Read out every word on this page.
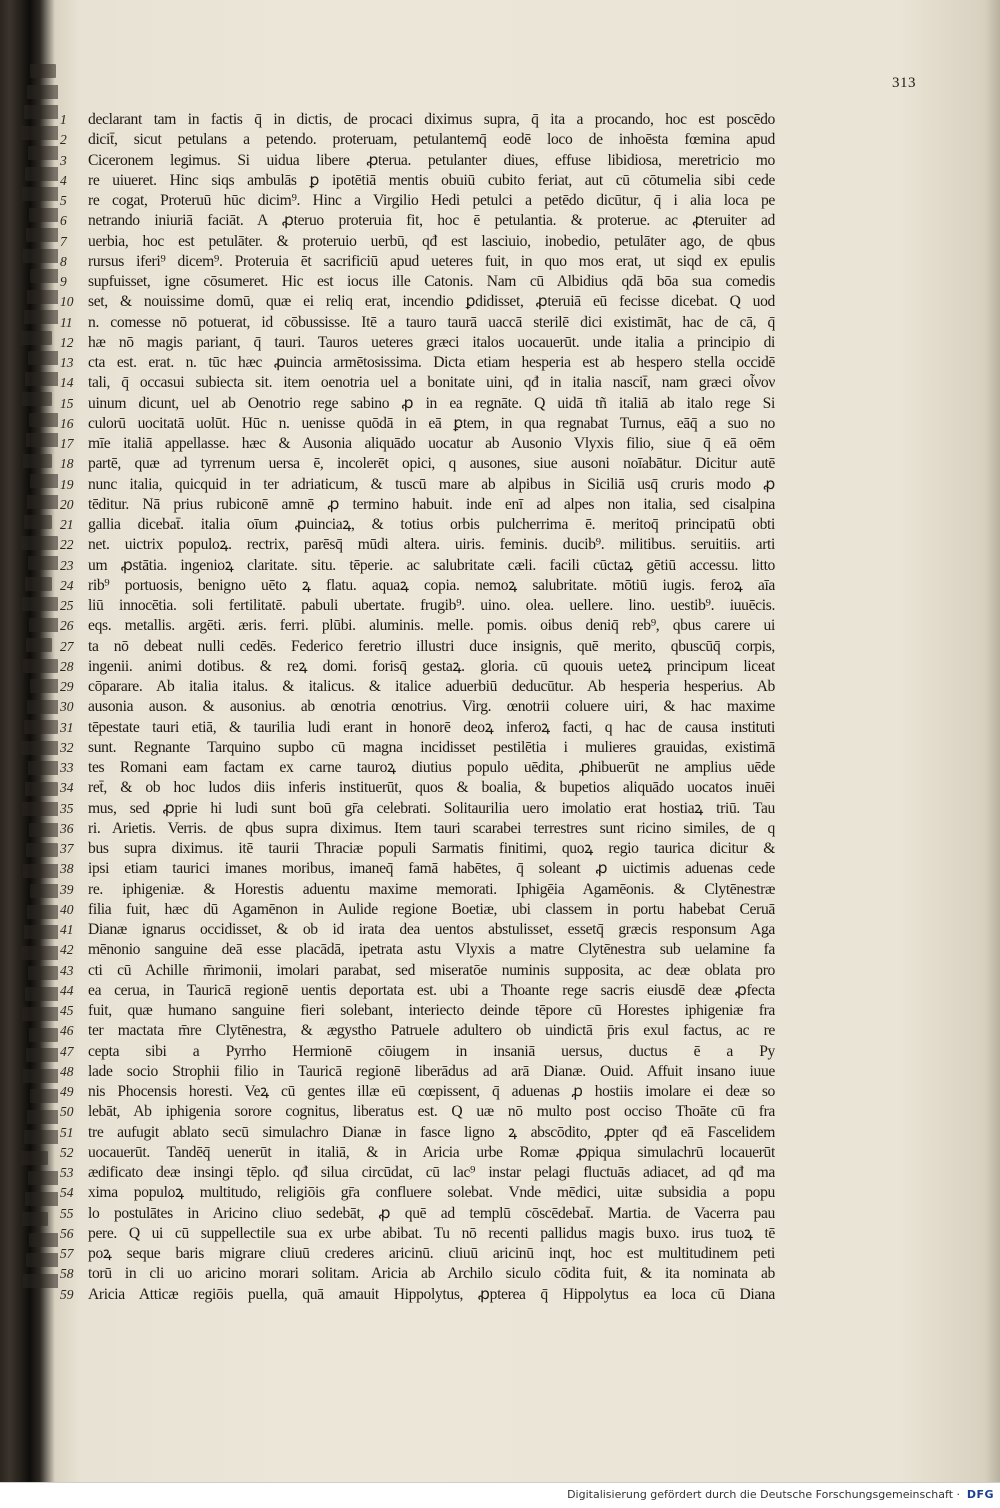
313
1	declarant tam in factis q̄ in dictis, de procaci diximus supra, q̄ ita a procando, hoc est poscēdo
2	dicit̄, sicut petulans a petendo. proteruam, petulantemq̄ eodē loco de inhoēsta fœmina apud
3	Ciceronem legimus. Si uidua libere ꝓterua. petulanter diues, effuse libidiosa, meretricio mo
4	re uiueret. Hinc siqs ambulās ꝑ ipotētiā mentis obuiū cubito feriat, aut cū cōtumelia sibi cede
5	re cogat, Proteruū hūc dicim⁹. Hinc a Virgilio Hedi petulci a petēdo dicūtur, q̄ i alia loca pe
6	netrando iniuriā faciāt. A ꝓteruo proteruia fit, hoc ē petulantia. & proterue. ac ꝓteruiter ad
7	uerbia, hoc est petulāter. & proteruio uerbū, qđ est lasciuio, inobedio, petulāter ago, de qbus
8	rursus iferi⁹ dicem⁹. Proteruia ēt sacrificiū apud ueteres fuit, in quo mos erat, ut siqd ex epulis
9	supfuisset, igne cōsumeret. Hic est iocus ille Catonis. Nam cū Albidius qdā bōa sua comedis
10 set, & nouissime domū, quæ ei reliq erat, incendio ꝑdidisset, ꝓteruiā eū fecisse dicebat. Q uod
11 n. comesse nō potuerat, id cōbussisse. Itē a tauro taurā uaccā sterilē dici existimāt, hac de cā, q̄
12 hæ nō magis pariant, q̄ tauri. Tauros ueteres græci italos uocauerūt. unde italia a principio di
13 cta est. erat. n. tūc hæc ꝓuincia armētosissima. Dicta etiam hesperia est ab hespero stella occidē
14 tali, q̄ occasui subiecta sit. item oenotria uel a bonitate uini, qđ in italia nascit̄, nam græci οἶνον
15 uinum dicunt, uel ab Oenotrio rege sabino ꝓ in ea regnāte. Q uidā tñ italiā ab italo rege Si
16 culorū uocitatā uolūt. Hūc n. uenisse quōdā in eā ꝑtem, in qua regnabat Turnus, eāq̄ a suo no
17 mīe italiā appellasse. hæc & Ausonia aliquādo uocatur ab Ausonio Vlyxis filio, siue q̄ eā oēm
18 partē, quæ ad tyrrenum uersa ē, incolerēt opici, q ausones, siue ausoni noīabātur. Dicitur autē
19 nunc italia, quicquid in ter adriaticum, & tuscū mare ab alpibus in Siciliā usq̄ cruris modo ꝓ
20 tēditur. Nā prius rubiconē amnē ꝓ termino habuit. inde enī ad alpes non italia, sed cisalpina
21 gallia dicebat̄. italia oīum ꝓuinciaꝝ, & totius orbis pulcherrima ē. meritoq̄ principatū obti
22 net. uictrix populoꝝ. rectrix, parēsq̄ mūdi altera. uiris. feminis. ducib⁹. militibus. seruitiis. arti
23 um ꝓstātia. ingenioꝝ claritate. situ. tēperie. ac salubritate cæli. facili cūctaꝝ gētiū accessu. litto
24 rib⁹ portuosis, benigno uēto ꝝ flatu. aquaꝝ copia. nemoꝝ salubritate. mōtiū iugis. feroꝝ aīa
25 liū innocētia. soli fertilitatē. pabuli ubertate. frugib⁹. uino. olea. uellere. lino. uestib⁹. iuuēcis.
26 eqs. metallis. argēti. æris. ferri. plūbi. aluminis. melle. pomis. oibus deniq̄ reb⁹, qbus carere ui
27 ta nō debeat nulli cedēs. Federico feretrio illustri duce insignis, quē merito, qbuscūq̄ corpis,
28 ingenii. animi dotibus. & reꝝ domi. forisq̄ gestaꝝ. gloria. cū quouis ueteꝝ principum liceat
29 cōparare. Ab italia italus. & italicus. & italice aduerbiū deducūtur. Ab hesperia hesperius. Ab
30 ausonia auson. & ausonius. ab œnotria œnotrius. Virg. œnotrii coluere uiri, & hac maxime
31 tēpestate tauri etiā, & taurilia ludi erant in honorē deoꝝ inferoꝝ facti, q hac de causa instituti
32 sunt. Regnante Tarquino supbo cū magna incidisset pestilētia i mulieres grauidas, existimā
33 tes Romani eam factam ex carne tauroꝝ diutius populo uēdita, ꝓhibuerūt ne amplius uēde
34 ret̄, & ob hoc ludos diis inferis instituerūt, quos & boalia, & bupetios aliquādo uocatos inuēi
35 mus, sed ꝓprie hi ludi sunt boū gr̄a celebrati. Solitaurilia uero imolatio erat hostiaꝝ triū. Tau
36 ri. Arietis. Verris. de qbus supra diximus. Item tauri scarabei terrestres sunt ricino similes, de q
37 bus supra diximus. itē taurii Thraciæ populi Sarmatis finitimi, quoꝝ regio taurica dicitur &
38 ipsi etiam taurici imanes moribus, imaneq̄ famā habētes, q̄ soleant ꝓ uictimis aduenas cede
39 re. iphigeniæ. & Horestis aduentu maxime memorati. Iphigēia Agamēonis. & Clytēnestræ
40 filia fuit, hæc dū Agamēnon in Aulide regione Boetiæ, ubi classem in portu habebat Ceruā
41 Dianæ ignarus occidisset, & ob id irata dea uentos abstulisset, essetq̄ græcis responsum Aga
42 mēnonio sanguine deā esse placādā, ipetrata astu Vlyxis a matre Clytēnestra sub uelamine fa
43 cti cū Achille m̄rimonii, imolari parabat, sed miseratōe numinis supposita, ac deæ oblata pro
44 ea cerua, in Tauricā regionē uentis deportata est. ubi a Thoante rege sacris eiusdē deæ ꝓfecta
45 fuit, quæ humano sanguine fieri solebant, interiecto deinde tēpore cū Horestes iphigeniæ fra
46 ter mactata m̄re Clytēnestra, & ægystho Patruele adultero ob uindictā p̄ris exul factus, ac re
47 cepta sibi a Pyrrho Hermionē cōiugem in insaniā uersus, ductus ē a Py
48 lade socio Strophii filio in Tauricā regionē liberādus ad arā Dianæ. Ouid. Affuit insano iuue
49 nis Phocensis horesti. Veꝝ cū gentes illæ eū cœpissent, q̄ aduenas ꝓ hostiis imolare ei deæ so
50 lebāt, Ab iphigenia sorore cognitus, liberatus est. Q uæ nō multo post occiso Thoāte cū fra
51 tre aufugit ablato secū simulachro Dianæ in fasce ligno ꝝ abscōdito, ꝓpter qđ eā Fascelidem
52 uocauerūt. Tandēq̄ uenerūt in italiā, & in Aricia urbe Romæ ꝓpiqua simulachrū locauerūt
53 ædificato deæ insingi tēplo. qđ silua circūdat, cū lac⁹ instar pelagi fluctuās adiacet, ad qđ ma
54 xima populoꝝ multitudo, religiōis gr̄a confluere solebat. Vnde mēdici, uitæ subsidia a popu
55 lo postulātes in Aricino cliuo sedebāt, ꝓ quē ad templū cōscēdebat̄. Martia. de Vacerra pau
56 pere. Q ui cū suppellectile sua ex urbe abibat. Tu nō recenti pallidus magis buxo. irus tuoꝝ tē
57 poꝝ seque baris migrare cliuū crederes aricinū. cliuū aricinū inqt, hoc est multitudinem peti
58 torū in cli uo aricino morari solitam. Aricia ab Archilo siculo cōdita fuit, & ita nominata ab
59 Aricia Atticæ regiōis puella, quā amauit Hippolytus, ꝓpterea q̄ Hippolytus ea loca cū Diana
Digitalisierung gefördert durch die Deutsche Forschungsgemeinschaft · DFG
